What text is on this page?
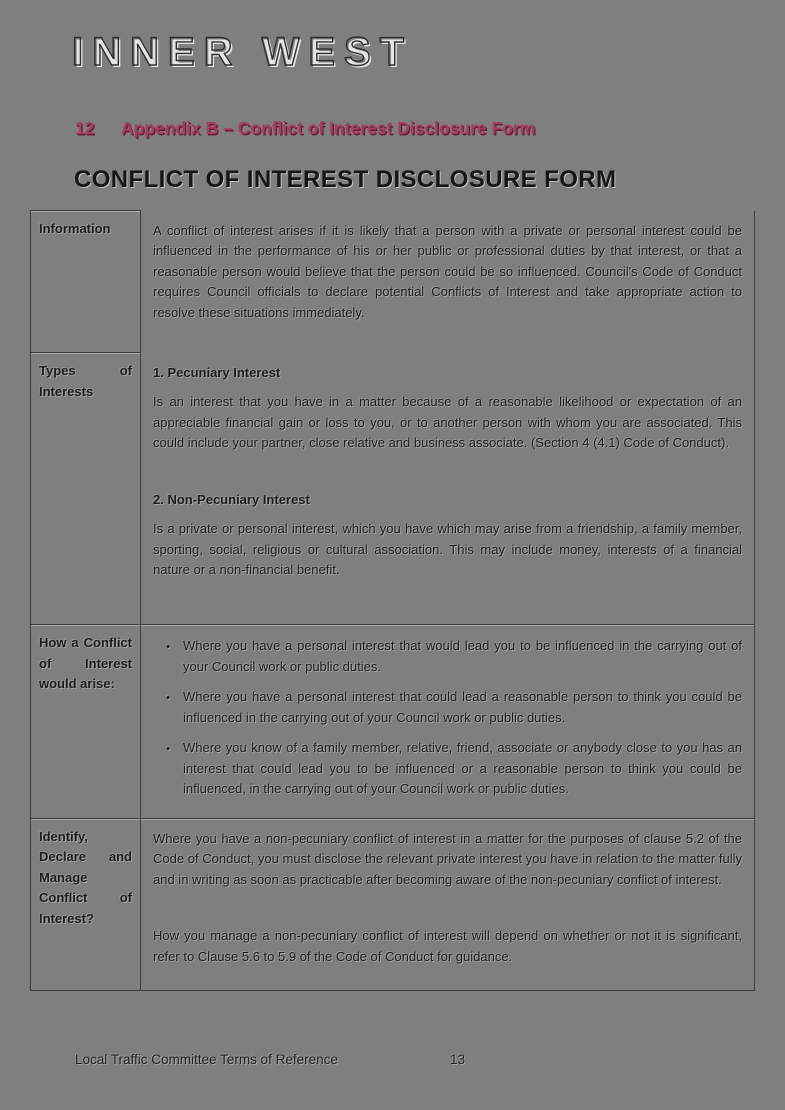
INNER WEST
12	Appendix B – Conflict of Interest Disclosure Form
CONFLICT OF INTEREST DISCLOSURE FORM
Information	A conflict of interest arises if it is likely that a person with a private or personal interest could be influenced in the performance of his or her public or professional duties by that interest, or that a reasonable person would believe that the person could be so influenced. Council's Code of Conduct requires Council officials to declare potential Conflicts of Interest and take appropriate action to resolve these situations immediately.

Types of Interests	1. Pecuniary Interest
Is an interest that you have in a matter because of a reasonable likelihood or expectation of an appreciable financial gain or loss to you, or to another person with whom you are associated. This could include your partner, close relative and business associate. (Section 4 (4.1) Code of Conduct).
2. Non-Pecuniary Interest
Is a private or personal interest, which you have which may arise from a friendship, a family member, sporting, social, religious or cultural association. This may include money, interests of a financial nature or a non-financial benefit.

How a Conflict of Interest would arise:	
•	Where you have a personal interest that would lead you to be influenced in the carrying out of your Council work or public duties.
•	Where you have a personal interest that could lead a reasonable person to think you could be influenced in the carrying out of your Council work or public duties.
•	Where you know of a family member, relative, friend, associate or anybody close to you has an interest that could lead you to be influenced or a reasonable person to think you could be influenced, in the carrying out of your Council work or public duties.

Identify, Declare and Manage Conflict of Interest?	Where you have a non-pecuniary conflict of interest in a matter for the purposes of clause 5.2 of the Code of Conduct, you must disclose the relevant private interest you have in relation to the matter fully and in writing as soon as practicable after becoming aware of the non-pecuniary conflict of interest.
How you manage a non-pecuniary conflict of interest will depend on whether or not it is significant, refer to Clause 5.6 to 5.9 of the Code of Conduct for guidance.
Local Traffic Committee Terms of Reference	13
